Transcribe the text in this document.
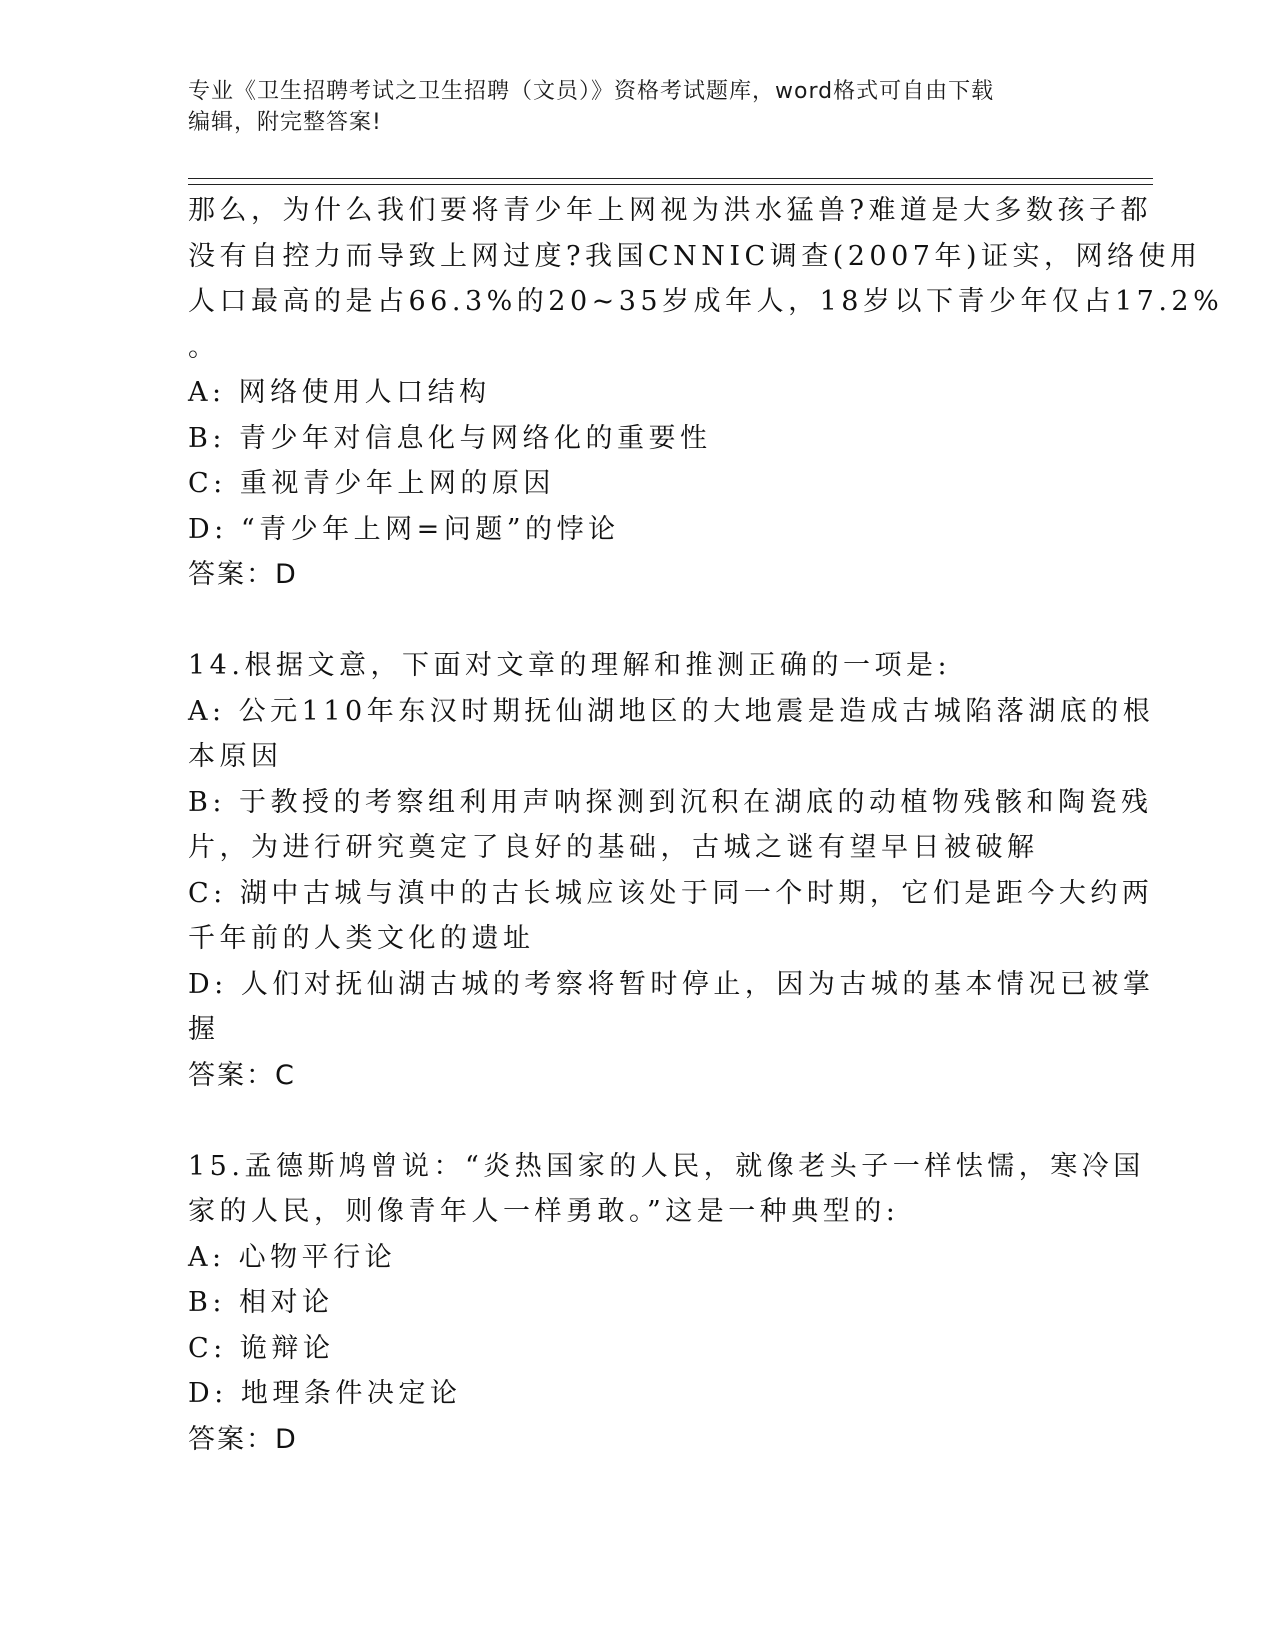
专业《卫生招聘考试之卫生招聘（文员）》资格考试题库，word格式可自由下载
编辑，附完整答案!
那么，为什么我们要将青少年上网视为洪水猛兽?难道是大多数孩子都
没有自控力而导致上网过度?我国CNNIC调查(2007年)证实，网络使用
人口最高的是占66.3%的20~35岁成年人，18岁以下青少年仅占17.2%
。
A: 网络使用人口结构
B: 青少年对信息化与网络化的重要性
C: 重视青少年上网的原因
D: “青少年上网=问题”的悖论
答案：D
14.根据文意，下面对文章的理解和推测正确的一项是:
A: 公元110年东汉时期抚仙湖地区的大地震是造成古城陷落湖底的根
本原因
B: 于教授的考察组利用声呐探测到沉积在湖底的动植物残骸和陶瓷残
片，为进行研究奠定了良好的基础，古城之谜有望早日被破解
C: 湖中古城与滇中的古长城应该处于同一个时期，它们是距今大约两
千年前的人类文化的遗址
D: 人们对抚仙湖古城的考察将暂时停止，因为古城的基本情况已被掌
握
答案：C
15.孟德斯鸠曾说：“炎热国家的人民，就像老头子一样怯懦，寒冷国
家的人民，则像青年人一样勇敢。”这是一种典型的:
A: 心物平行论
B: 相对论
C: 诡辩论
D: 地理条件决定论
答案：D
